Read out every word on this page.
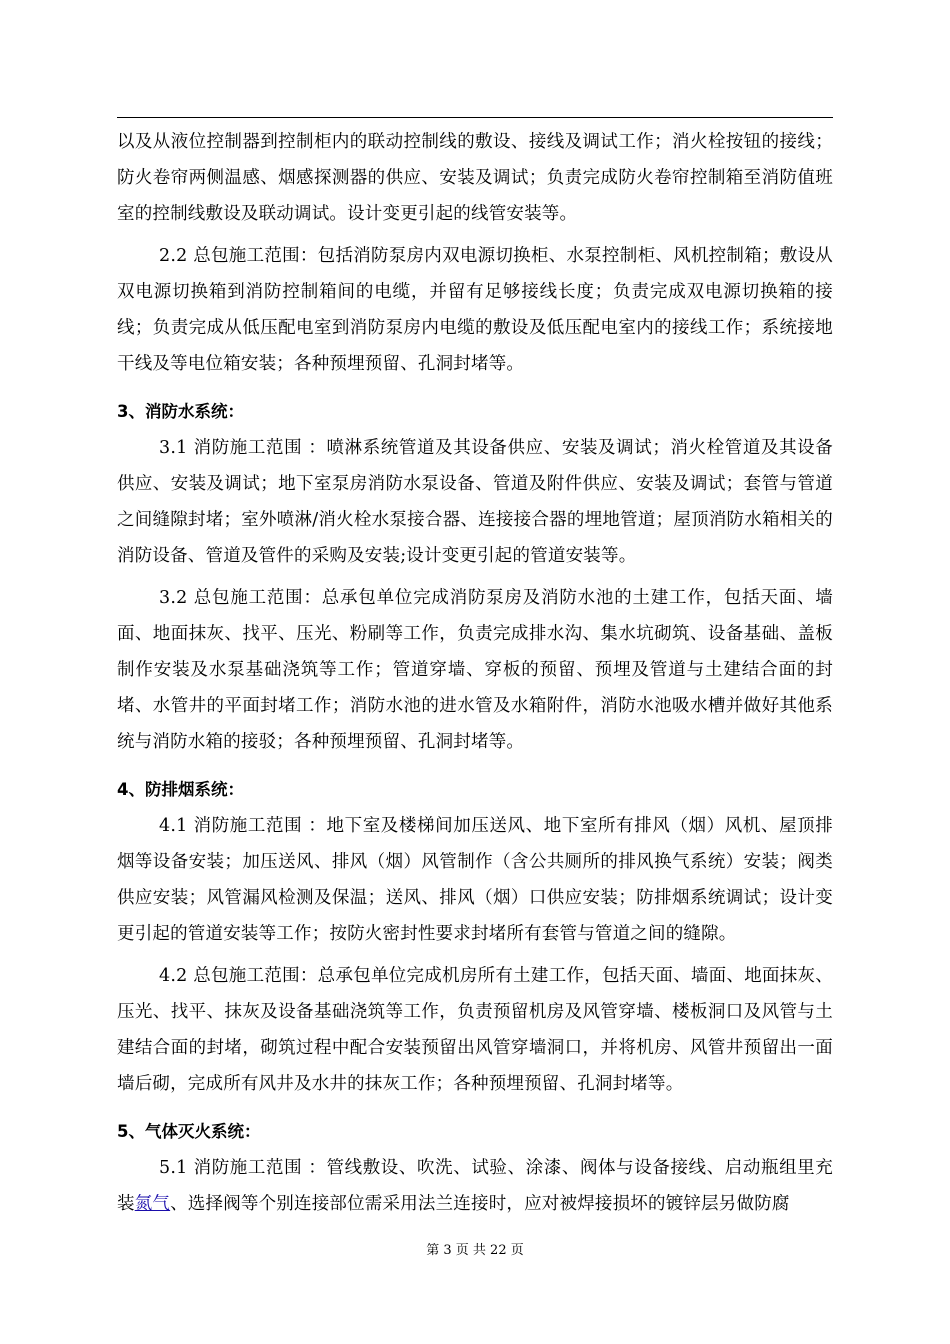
以及从液位控制器到控制柜内的联动控制线的敷设、接线及调试工作；消火栓按钮的接线；防火卷帘两侧温感、烟感探测器的供应、安装及调试；负责完成防火卷帘控制箱至消防值班室的控制线敷设及联动调试。设计变更引起的线管安装等。

2.2 总包施工范围：包括消防泵房内双电源切换柜、水泵控制柜、风机控制箱；敷设从双电源切换箱到消防控制箱间的电缆，并留有足够接线长度；负责完成双电源切换箱的接线；负责完成从低压配电室到消防泵房内电缆的敷设及低压配电室内的接线工作；系统接地干线及等电位箱安装；各种预埋预留、孔洞封堵等。

3、消防水系统：

3.1 消防施工范围 ：喷淋系统管道及其设备供应、安装及调试；消火栓管道及其设备供应、安装及调试；地下室泵房消防水泵设备、管道及附件供应、安装及调试；套管与管道之间缝隙封堵；室外喷淋/消火栓水泵接合器、连接接合器的埋地管道；屋顶消防水箱相关的消防设备、管道及管件的采购及安装;设计变更引起的管道安装等。

3.2 总包施工范围：总承包单位完成消防泵房及消防水池的土建工作，包括天面、墙面、地面抹灰、找平、压光、粉刷等工作，负责完成排水沟、集水坑砌筑、设备基础、盖板制作安装及水泵基础浇筑等工作；管道穿墙、穿板的预留、预埋及管道与土建结合面的封堵、水管井的平面封堵工作；消防水池的进水管及水箱附件，消防水池吸水槽并做好其他系统与消防水箱的接驳；各种预埋预留、孔洞封堵等。

4、防排烟系统：

4.1 消防施工范围 ：地下室及楼梯间加压送风、地下室所有排风（烟）风机、屋顶排烟等设备安装；加压送风、排风（烟）风管制作（含公共厕所的排风换气系统）安装；阀类供应安装；风管漏风检测及保温；送风、排风（烟）口供应安装；防排烟系统调试；设计变更引起的管道安装等工作；按防火密封性要求封堵所有套管与管道之间的缝隙。

4.2 总包施工范围：总承包单位完成机房所有土建工作，包括天面、墙面、地面抹灰、压光、找平、抹灰及设备基础浇筑等工作，负责预留机房及风管穿墙、楼板洞口及风管与土建结合面的封堵，砌筑过程中配合安装预留出风管穿墙洞口，并将机房、风管井预留出一面墙后砌，完成所有风井及水井的抹灰工作；各种预埋预留、孔洞封堵等。

5、气体灭火系统：

5.1 消防施工范围 ：管线敷设、吹洗、试验、涂漆、阀体与设备接线、启动瓶组里充装氮气、选择阀等个别连接部位需采用法兰连接时，应对被焊接损坏的镀锌层另做防腐

第 3 页 共 22 页
